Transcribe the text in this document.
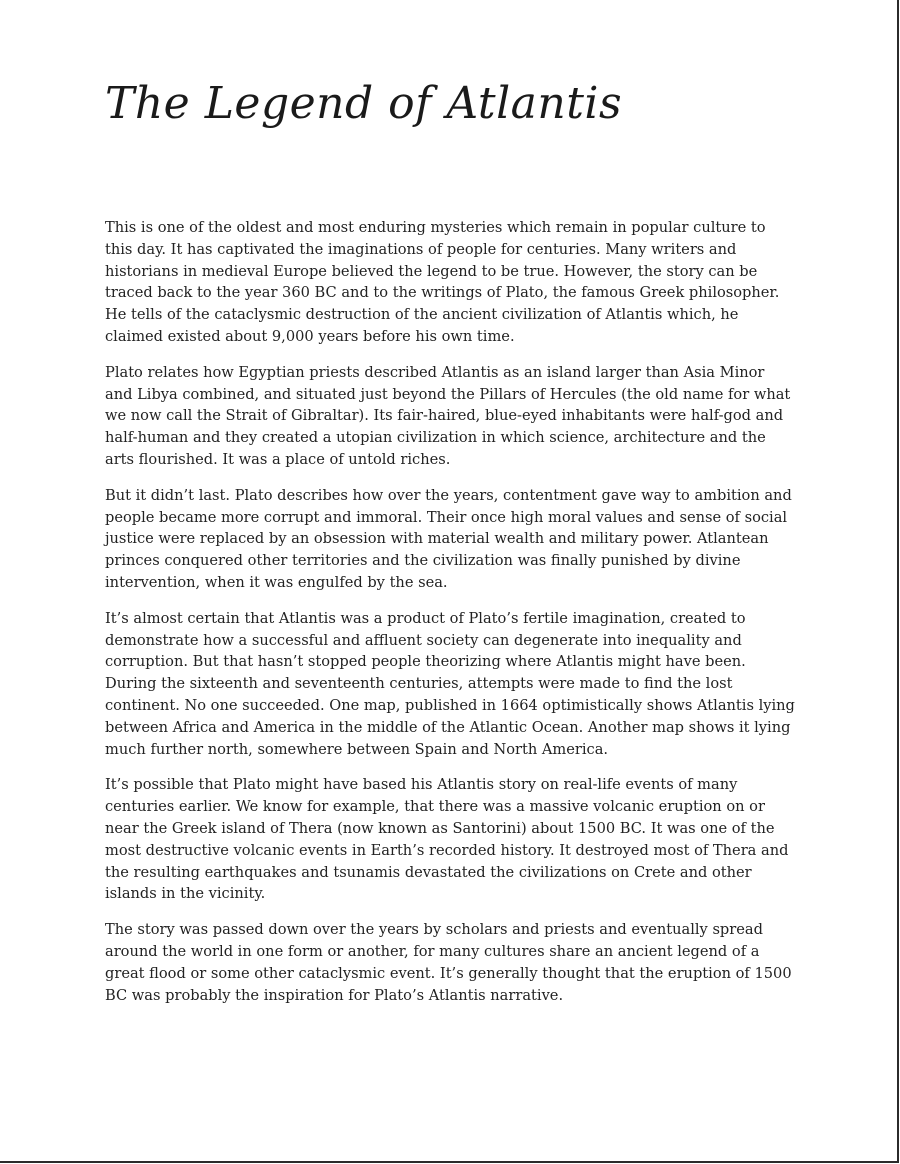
The Legend of Atlantis

This is one of the oldest and most enduring mysteries which remain in popular culture to this day. It has captivated the imaginations of people for centuries. Many writers and historians in medieval Europe believed the legend to be true. However, the story can be traced back to the year 360 BC and to the writings of Plato, the famous Greek philosopher. He tells of the cataclysmic destruction of the ancient civilization of Atlantis which, he claimed existed about 9,000 years before his own time.

Plato relates how Egyptian priests described Atlantis as an island larger than Asia Minor and Libya combined, and situated just beyond the Pillars of Hercules (the old name for what we now call the Strait of Gibraltar). Its fair-haired, blue-eyed inhabitants were half-god and half-human and they created a utopian civilization in which science, architecture and the arts flourished. It was a place of untold riches.

But it didn’t last. Plato describes how over the years, contentment gave way to ambition and people became more corrupt and immoral. Their once high moral values and sense of social justice were replaced by an obsession with material wealth and military power. Atlantean princes conquered other territories and the civilization was finally punished by divine intervention, when it was engulfed by the sea.

It’s almost certain that Atlantis was a product of Plato’s fertile imagination, created to demonstrate how a successful and affluent society can degenerate into inequality and corruption. But that hasn’t stopped people theorizing where Atlantis might have been. During the sixteenth and seventeenth centuries, attempts were made to find the lost continent. No one succeeded. One map, published in 1664 optimistically shows Atlantis lying between Africa and America in the middle of the Atlantic Ocean. Another map shows it lying much further north, somewhere between Spain and North America.

It’s possible that Plato might have based his Atlantis story on real-life events of many centuries earlier. We know for example, that there was a massive volcanic eruption on or near the Greek island of Thera (now known as Santorini) about 1500 BC. It was one of the most destructive volcanic events in Earth’s recorded history. It destroyed most of Thera and the resulting earthquakes and tsunamis devastated the civilizations on Crete and other islands in the vicinity.

The story was passed down over the years by scholars and priests and eventually spread around the world in one form or another, for many cultures share an ancient legend of a great flood or some other cataclysmic event. It’s generally thought that the eruption of 1500 BC was probably the inspiration for Plato’s Atlantis narrative.
